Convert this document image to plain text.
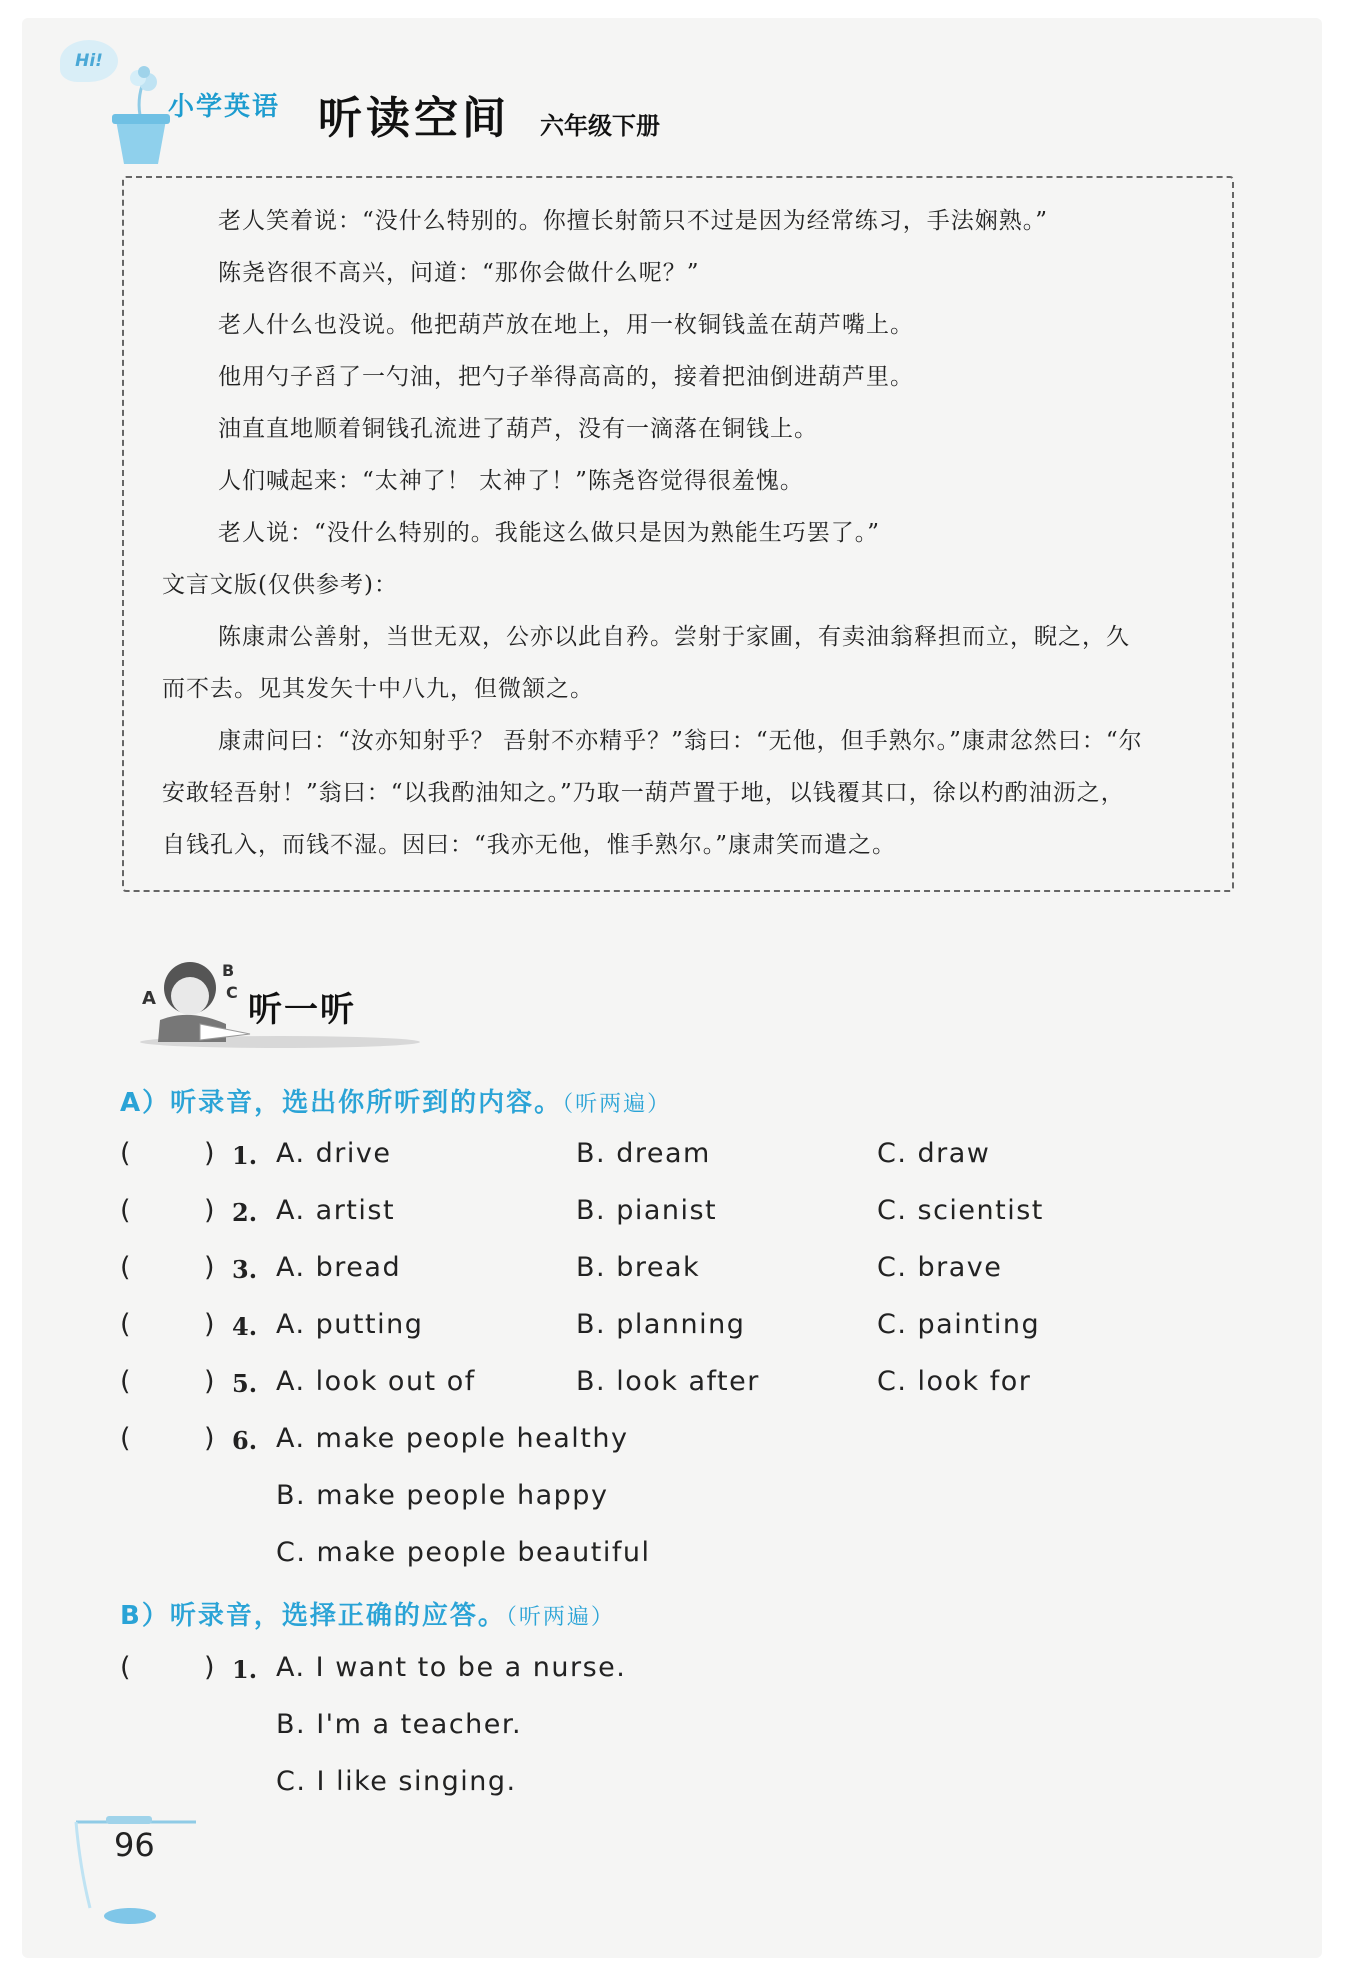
Hi!
小学英语 听读空间 六年级下册

老人笑着说：“没什么特别的。你擅长射箭只不过是因为经常练习，手法娴熟。”

陈尧咨很不高兴，问道：“那你会做什么呢？”

老人什么也没说。他把葫芦放在地上，用一枚铜钱盖在葫芦嘴上。

他用勺子舀了一勺油，把勺子举得高高的，接着把油倒进葫芦里。

油直直地顺着铜钱孔流进了葫芦，没有一滴落在铜钱上。

人们喊起来：“太神了！ 太神了！”陈尧咨觉得很羞愧。

老人说：“没什么特别的。我能这么做只是因为熟能生巧罢了。”

文言文版(仅供参考)：

陈康肃公善射，当世无双，公亦以此自矜。尝射于家圃，有卖油翁释担而立，睨之，久

而不去。见其发矢十中八九，但微颔之。

康肃问曰：“汝亦知射乎？ 吾射不亦精乎？”翁曰：“无他，但手熟尔。”康肃忿然曰：“尔

安敢轻吾射！”翁曰：“以我酌油知之。”乃取一葫芦置于地，以钱覆其口，徐以杓酌油沥之，

自钱孔入，而钱不湿。因曰：“我亦无他，惟手熟尔。”康肃笑而遣之。

A
B
C 听一听
A）听录音，选出你所听到的内容。（听两遍）
(	) 1. A. drive	B. dream	C. draw
(	) 2. A. artist	B. pianist	C. scientist
(	) 3. A. bread	B. break	C. brave
(	) 4. A. putting	B. planning	C. painting
(	) 5. A. look out of	B. look after	C. look for
(	) 6. A. make people healthy
B. make people happy
C. make people beautiful
B）听录音，选择正确的应答。（听两遍）
(	) 1. A. I want to be a nurse.
B. I'm a teacher.
C. I like singing.
96
